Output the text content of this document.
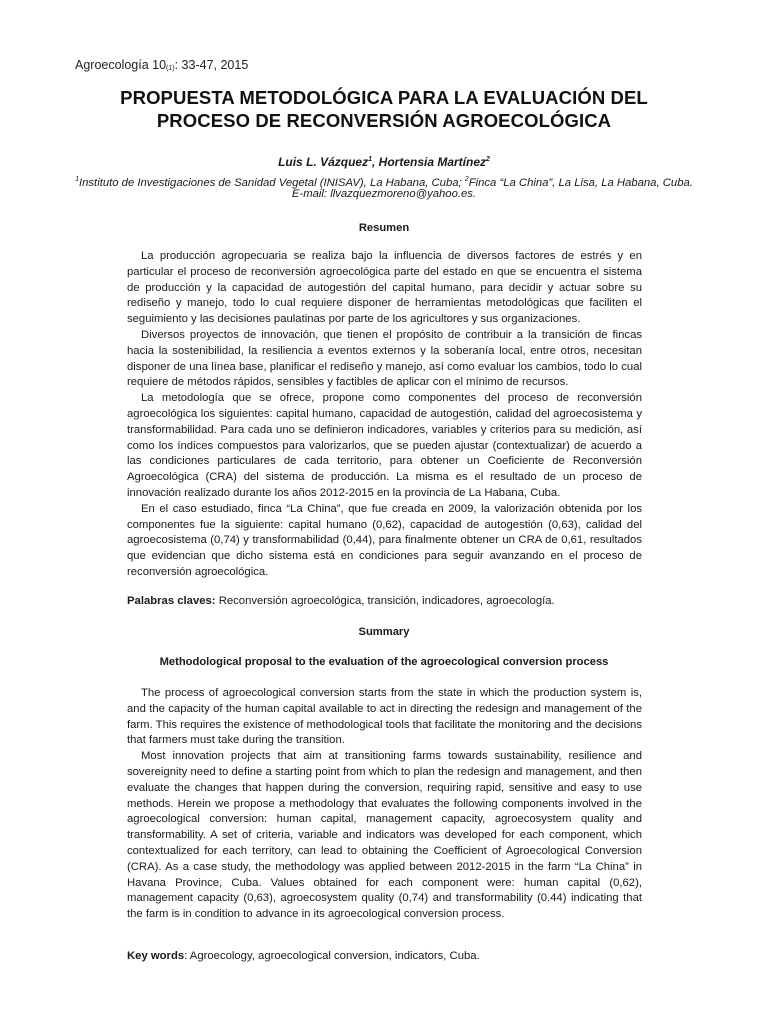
Agroecología $10_{(1)}$: 33-47, 2015
PROPUESTA METODOLÓGICA PARA LA EVALUACIÓN DEL
PROCESO DE RECONVERSIÓN AGROECOLÓGICA
Luis L. Vázquez$^1$, Hortensia Martínez$^2$
$^1$Instituto de Investigaciones de Sanidad Vegetal (INISAV), La Habana, Cuba; $^2$Finca “La China”, La Lisa, La Habana, Cuba.
E-mail: llvazquezmoreno@yahoo.es.
Resumen

La producción agropecuaria se realiza bajo la influencia de diversos factores de estrés y en particular el proceso de reconversión agroecológica parte del estado en que se encuentra el sistema de producción y la capacidad de autogestión del capital humano, para decidir y actuar sobre su rediseño y manejo, todo lo cual requiere disponer de herramientas metodológicas que faciliten el seguimiento y las decisiones paulatinas por parte de los agricultores y sus organizaciones.

Diversos proyectos de innovación, que tienen el propósito de contribuir a la transición de fincas hacia la sostenibilidad, la resiliencia a eventos externos y la soberanía local, entre otros, necesitan disponer de una línea base, planificar el rediseño y manejo, así como evaluar los cambios, todo lo cual requiere de métodos rápidos, sensibles y factibles de aplicar con el mínimo de recursos.

La metodología que se ofrece, propone como componentes del proceso de reconversión agroecológica los siguientes: capital humano, capacidad de autogestión, calidad del agroecosistema y transformabilidad. Para cada uno se definieron indicadores, variables y criterios para su medición, así como los índices compuestos para valorizarlos, que se pueden ajustar (contextualizar) de acuerdo a las condiciones particulares de cada territorio, para obtener un Coeficiente de Reconversión Agroecológica (CRA) del sistema de producción. La misma es el resultado de un proceso de innovación realizado durante los años 2012-2015 en la provincia de La Habana, Cuba.

En el caso estudiado, finca “La China”, que fue creada en 2009, la valorización obtenida por los componentes fue la siguiente: capital humano (0,62), capacidad de autogestión (0,63), calidad del agroecosistema (0,74) y transformabilidad (0,44), para finalmente obtener un CRA de 0,61, resultados que evidencian que dicho sistema está en condiciones para seguir avanzando en el proceso de reconversión agroecológica.

Palabras claves: Reconversión agroecológica, transición, indicadores, agroecología.
Summary
Methodological proposal to the evaluation of the agroecological conversion process

The process of agroecological conversion starts from the state in which the production system is, and the capacity of the human capital available to act in directing the redesign and management of the farm. This requires the existence of methodological tools that facilitate the monitoring and the decisions that farmers must take during the transition.

Most innovation projects that aim at transitioning farms towards sustainability, resilience and sovereignity need to define a starting point from which to plan the redesign and management, and then evaluate the changes that happen during the conversion, requiring rapid, sensitive and easy to use methods. Herein we propose a methodology that evaluates the following components involved in the agroecological conversion: human capital, management capacity, agroecosystem quality and transformability. A set of criteria, variable and indicators was developed for each component, which contextualized for each territory, can lead to obtaining the Coefficient of Agroecological Conversion (CRA). As a case study, the methodology was applied between 2012-2015 in the farm “La China” in Havana Province, Cuba. Values obtained for each component were: human capital (0,62), management capacity (0,63), agroecosystem quality (0,74) and transformability (0.44) indicating that the farm is in condition to advance in its agroecological conversion process.

Key words: Agroecology, agroecological conversion, indicators, Cuba.
